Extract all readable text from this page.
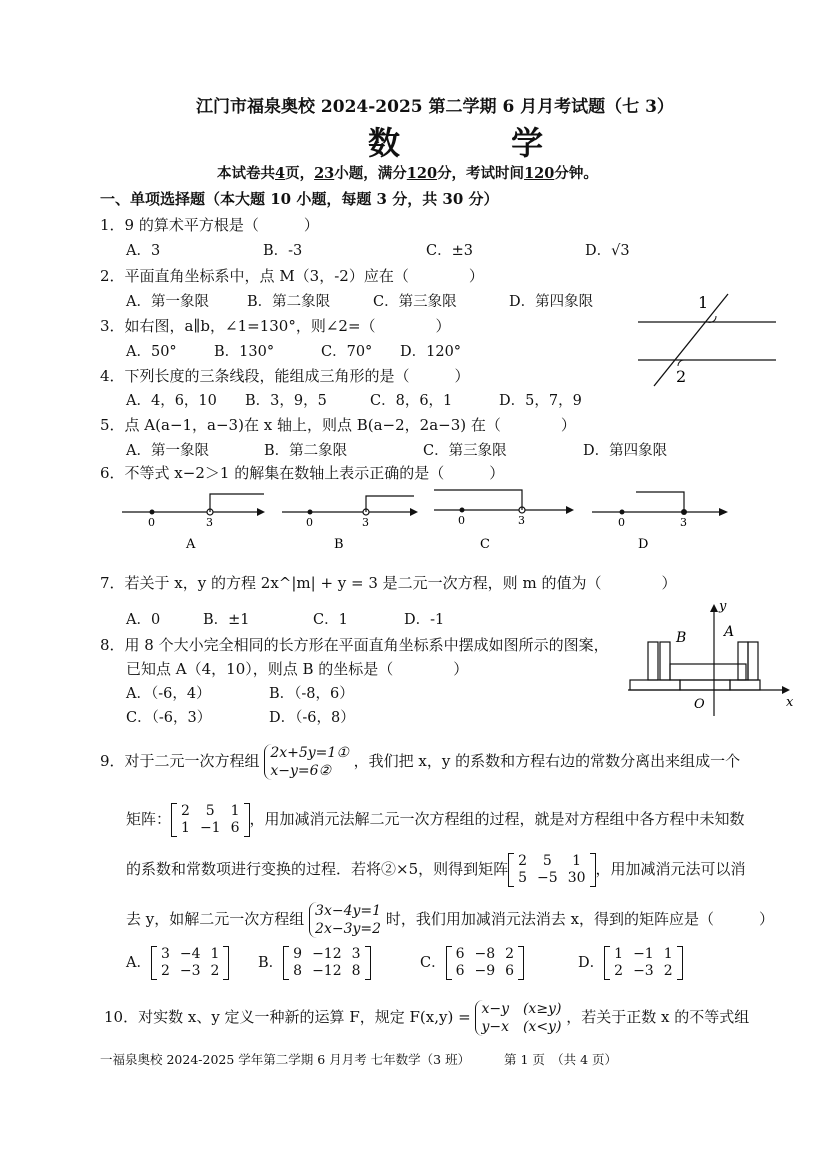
江门市福泉奥校 2024-2025 第二学期 6 月月考试题（七 3）
数 学
本试卷共4页，23小题，满分120分，考试时间120分钟。
一、单项选择题（本大题 10 小题，每题 3 分，共 30 分）
1．9 的算术平方根是（　　　）
A．3	B．-3	C．±3	D．√3
2．平面直角坐标系中，点 M（3，-2）应在（　　　　）
A．第一象限	B．第二象限	C．第三象限	D．第四象限	1
2
3．如右图，a∥b，∠1=130°，则∠2=（　　　　）
A．50°	B．130°	C．70° D．120°
4．下列长度的三条线段，能组成三角形的是（　　　）
A．4，6，10 B．3，9，5	C．8，6，1	D．5，7，9
5．点 A(a−1，a−3)在 x 轴上，则点 B(a−2，2a−3) 在（　　　　）
A．第一象限	B．第二象限	C．第三象限	D．第四象限
6．不等式 x−2＞1 的解集在数轴上表示正确的是（　　　）
0	3
A
0	3
B
0	3
C
0	3
D
7．若关于 x，y 的方程 2x^|m| + y = 3 是二元一次方程，则 m 的值为（　　　　）
A．0	B．±1	C．1	D．-1
8．用 8 个大小完全相同的长方形在平面直角坐标系中摆成如图所示的图案，
已知点 A（4，10），则点 B 的坐标是（　　　　）
A．（-6，4）	B．（-8，6）
C．（-6，3）	D．（-6，8）
y
x
O
B	A
9．对于二元一次方程组 2x+5y=1①
x−y=6② ，我们把 x，y 的系数和方程右边的常数分离出来组成一个
矩阵： 2	5	1
1	−1	6 ，用加减消元法解二元一次方程组的过程，就是对方程组中各方程中未知数
的系数和常数项进行变换的过程．若将②×5，则得到矩阵 2	5	1
5	−5	30 ，用加减消元法可以消
去 y，如解二元一次方程组 3x−4y=1
2x−3y=2 时，我们用加减消元法消去 x，得到的矩阵应是（　　　）
A．
3	−4	1
2	−3	2	B．
9	−12	3
8	−12	8	C．
6	−8	2
6	−9	6	D．
1	−1	1
2	−3	2
10．对实数 x、y 定义一种新的运算 F，规定 F(x,y) = x−y　(x≥y)
y−x　(x<y) ，若关于正数 x 的不等式组
一福泉奥校 2024-2025 学年第二学期 6 月月考 七年数学（3 班）	第 1 页　（共 4 页）
